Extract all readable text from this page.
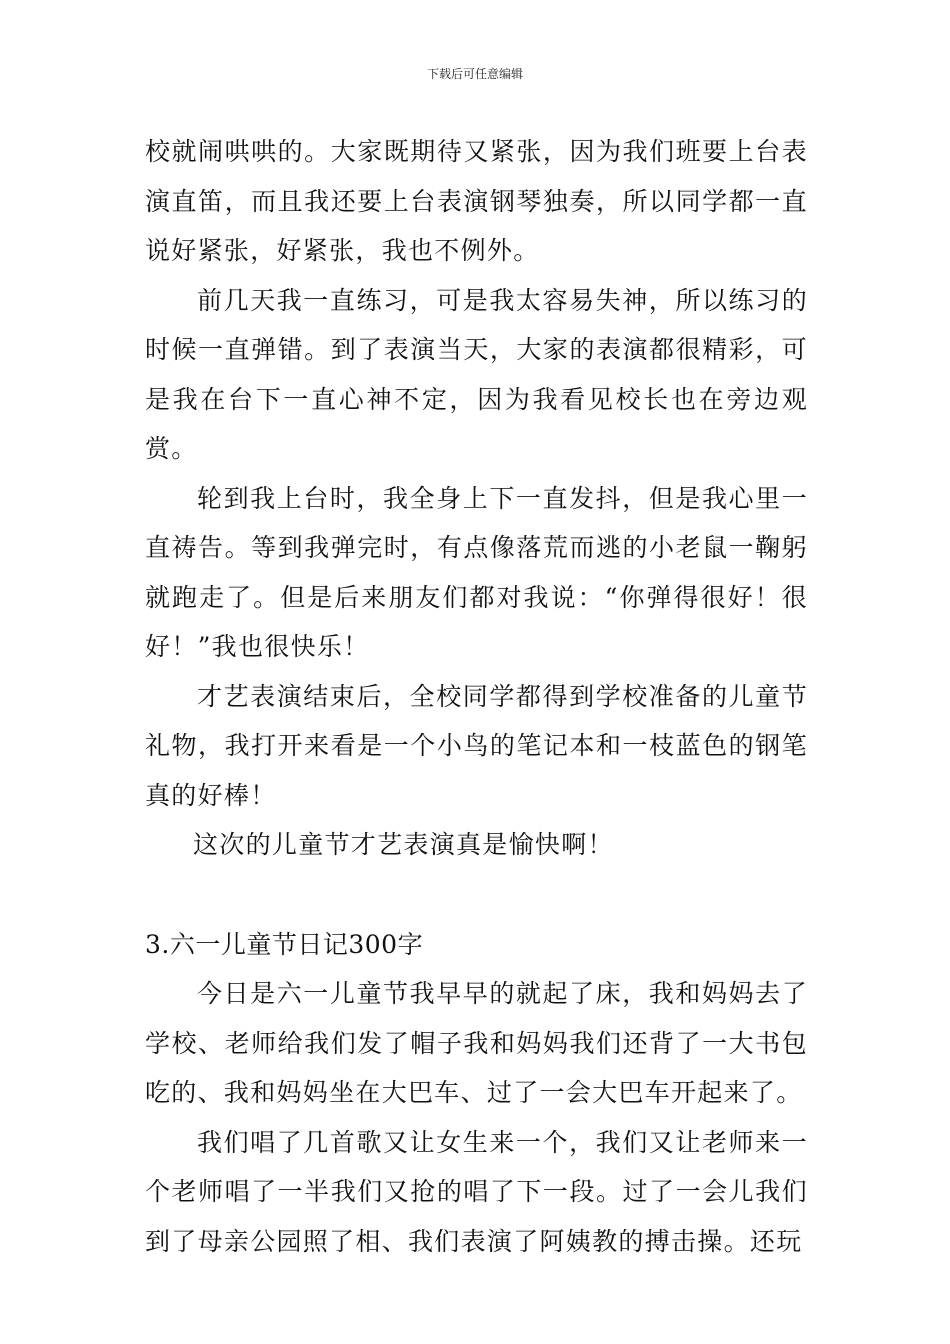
下载后可任意编辑

校就闹哄哄的。大家既期待又紧张，因为我们班要上台表演直笛，而且我还要上台表演钢琴独奏，所以同学都一直说好紧张，好紧张，我也不例外。

前几天我一直练习，可是我太容易失神，所以练习的时候一直弹错。到了表演当天，大家的表演都很精彩，可是我在台下一直心神不定，因为我看见校长也在旁边观赏。

轮到我上台时，我全身上下一直发抖，但是我心里一直祷告。等到我弹完时，有点像落荒而逃的小老鼠一鞠躬就跑走了。但是后来朋友们都对我说：“你弹得很好！很好！”我也很快乐！

才艺表演结束后，全校同学都得到学校准备的儿童节礼物，我打开来看是一个小鸟的笔记本和一枝蓝色的钢笔真的好棒！

这次的儿童节才艺表演真是愉快啊！

3.六一儿童节日记300字

今日是六一儿童节我早早的就起了床，我和妈妈去了学校、老师给我们发了帽子我和妈妈我们还背了一大书包吃的、我和妈妈坐在大巴车、过了一会大巴车开起来了。

我们唱了几首歌又让女生来一个，我们又让老师来一个老师唱了一半我们又抢的唱了下一段。过了一会儿我们到了母亲公园照了相、我们表演了阿姨教的搏击操。还玩
